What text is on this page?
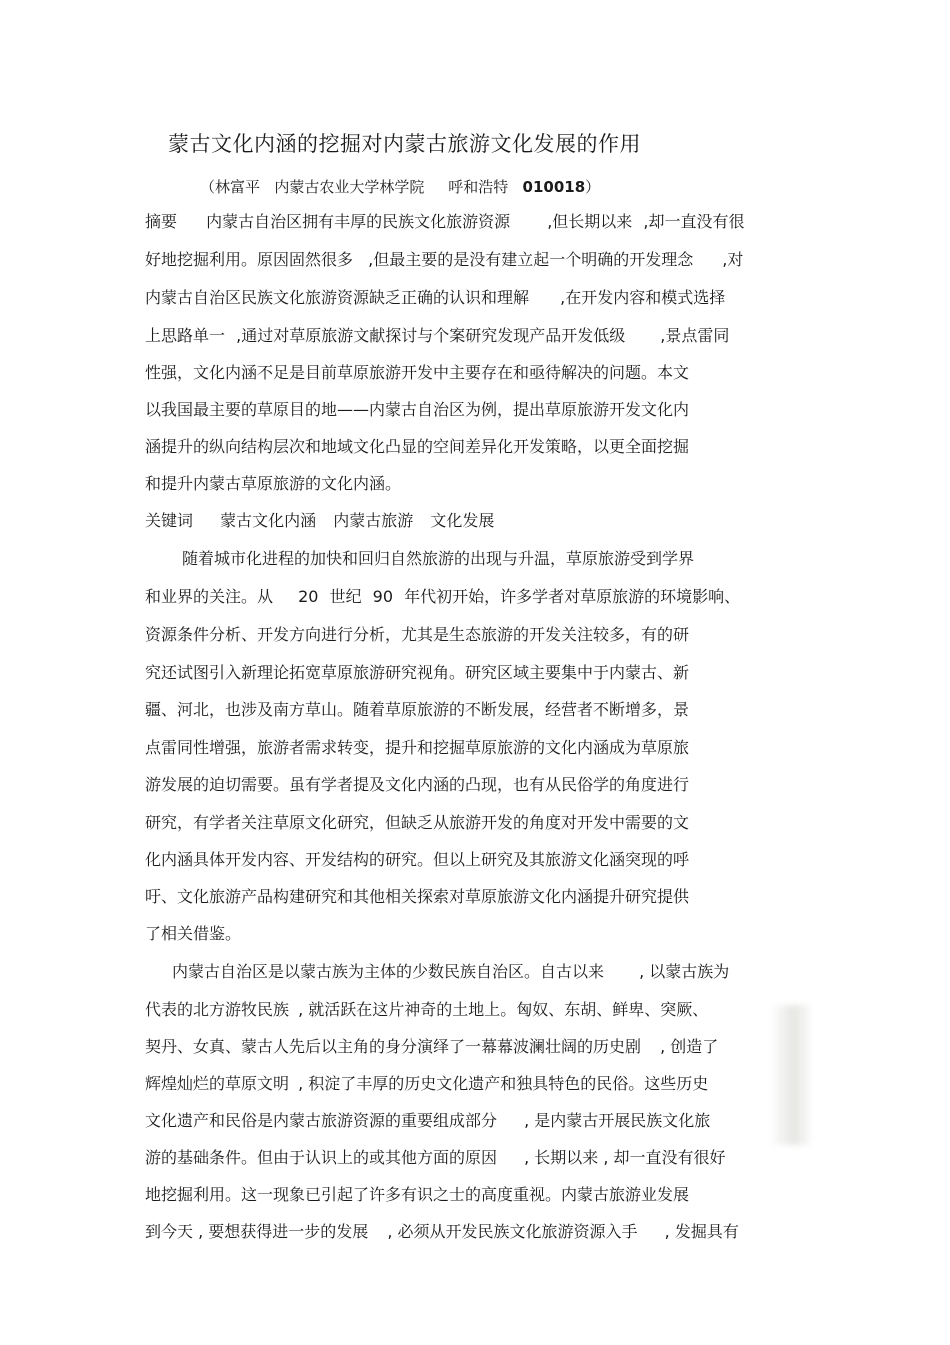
蒙古文化内涵的挖掘对内蒙古旅游文化发展的作用
（林富平 内蒙古农业大学林学院 呼和浩特 010018）
摘要 内蒙古自治区拥有丰厚的民族文化旅游资源 ,但长期以来 ,却一直没有很
好地挖掘利用。原因固然很多 ,但最主要的是没有建立起一个明确的开发理念 ,对
内蒙古自治区民族文化旅游资源缺乏正确的认识和理解 ,在开发内容和模式选择
上思路单一 ,通过对草原旅游文献探讨与个案研究发现产品开发低级 ,景点雷同
性强，文化内涵不足是目前草原旅游开发中主要存在和亟待解决的问题。本文
以我国最主要的草原目的地——内蒙古自治区为例，提出草原旅游开发文化内
涵提升的纵向结构层次和地域文化凸显的空间差异化开发策略，以更全面挖掘
和提升内蒙古草原旅游的文化内涵。
关键词 蒙古文化内涵 内蒙古旅游 文化发展
随着城市化进程的加快和回归自然旅游的出现与升温，草原旅游受到学界
和业界的关注。从 20 世纪 90 年代初开始，许多学者对草原旅游的环境影响、
资源条件分析、开发方向进行分析，尤其是生态旅游的开发关注较多，有的研
究还试图引入新理论拓宽草原旅游研究视角。研究区域主要集中于内蒙古、新
疆、河北，也涉及南方草山。随着草原旅游的不断发展，经营者不断增多，景
点雷同性增强，旅游者需求转变，提升和挖掘草原旅游的文化内涵成为草原旅
游发展的迫切需要。虽有学者提及文化内涵的凸现，也有从民俗学的角度进行
研究，有学者关注草原文化研究，但缺乏从旅游开发的角度对开发中需要的文
化内涵具体开发内容、开发结构的研究。但以上研究及其旅游文化涵突现的呼
吁、文化旅游产品构建研究和其他相关探索对草原旅游文化内涵提升研究提供
了相关借鉴。
内蒙古自治区是以蒙古族为主体的少数民族自治区。自古以来 , 以蒙古族为
代表的北方游牧民族 , 就活跃在这片神奇的土地上。匈奴、东胡、鲜卑、突厥、
契丹、女真、蒙古人先后以主角的身分演绎了一幕幕波澜壮阔的历史剧 , 创造了
辉煌灿烂的草原文明 , 积淀了丰厚的历史文化遗产和独具特色的民俗。这些历史
文化遗产和民俗是内蒙古旅游资源的重要组成部分 , 是内蒙古开展民族文化旅
游的基础条件。但由于认识上的或其他方面的原因 , 长期以来 , 却一直没有很好
地挖掘利用。这一现象已引起了许多有识之士的高度重视。内蒙古旅游业发展
到今天 , 要想获得进一步的发展 , 必须从开发民族文化旅游资源入手 , 发掘具有
